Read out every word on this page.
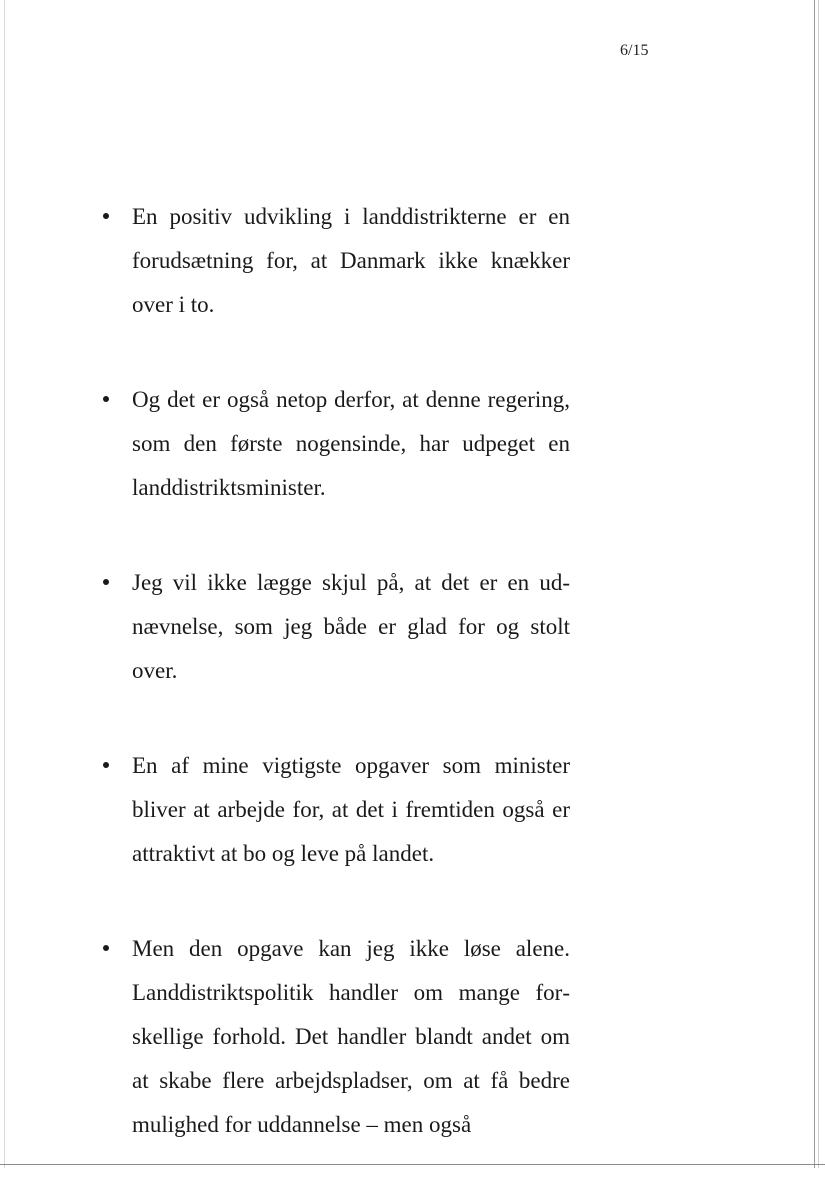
6/15
En positiv udvikling i landdistrikterne er en forudsætning for, at Danmark ikke knækker over i to.
Og det er også netop derfor, at denne regering, som den første nogensinde, har udpeget en landdistriktsminister.
Jeg vil ikke lægge skjul på, at det er en udnævnelse, som jeg både er glad for og stolt over.
En af mine vigtigste opgaver som minister bliver at arbejde for, at det i fremtiden også er attraktivt at bo og leve på landet.
Men den opgave kan jeg ikke løse alene. Landdistriktspolitik handler om mange forskellige forhold. Det handler blandt andet om at skabe flere arbejdspladser, om at få bedre mulighed for uddannelse – men også
